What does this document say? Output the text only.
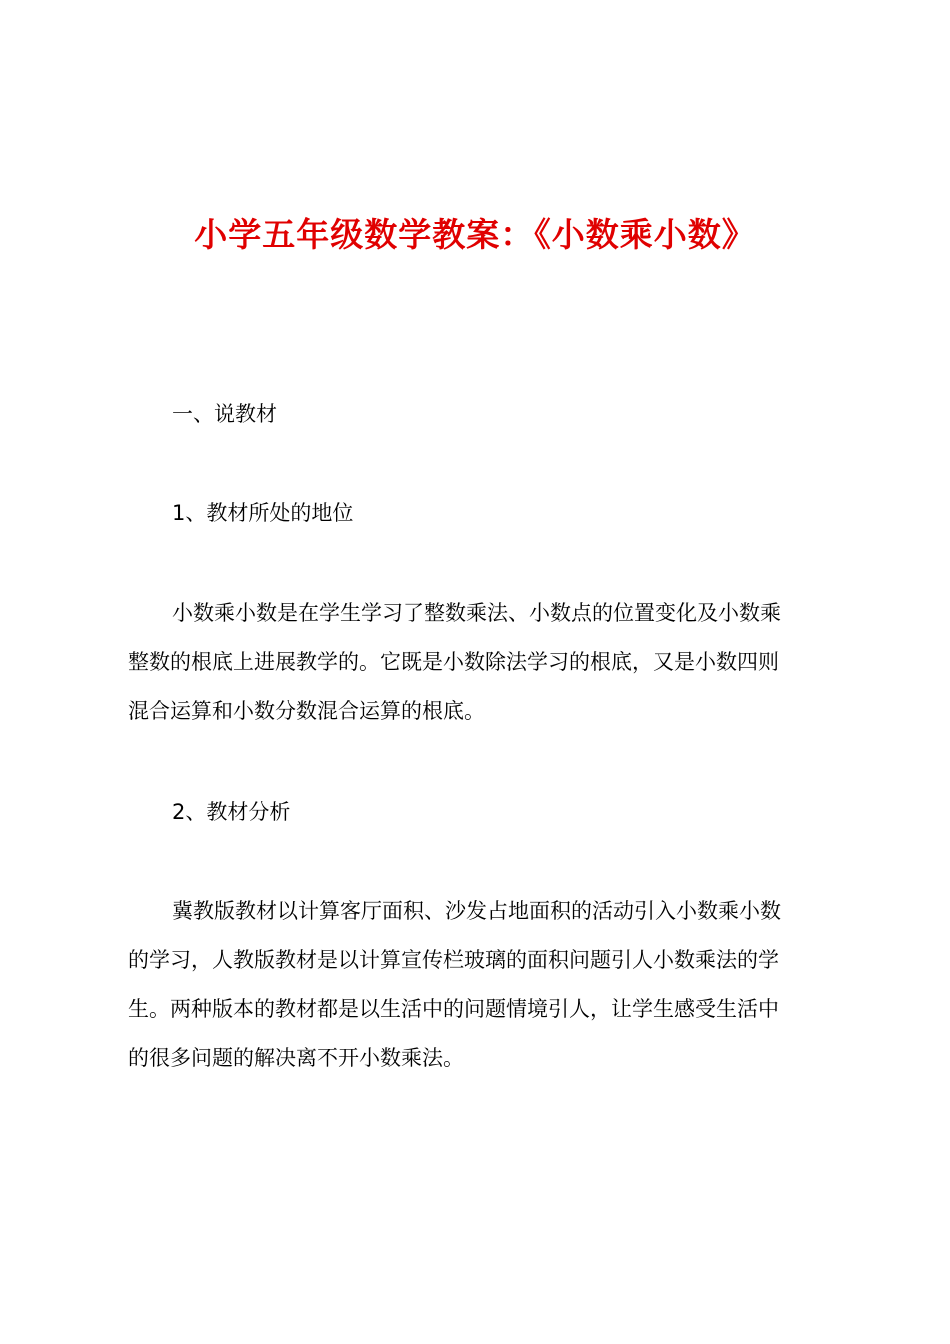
小学五年级数学教案：《小数乘小数》
一、说教材
1、教材所处的地位
小数乘小数是在学生学习了整数乘法、小数点的位置变化及小数乘
整数的根底上进展教学的。它既是小数除法学习的根底，又是小数四则
混合运算和小数分数混合运算的根底。
2、教材分析
冀教版教材以计算客厅面积、沙发占地面积的活动引入小数乘小数
的学习，人教版教材是以计算宣传栏玻璃的面积问题引人小数乘法的学
生。两种版本的教材都是以生活中的问题情境引人，让学生感受生活中
的很多问题的解决离不开小数乘法。
